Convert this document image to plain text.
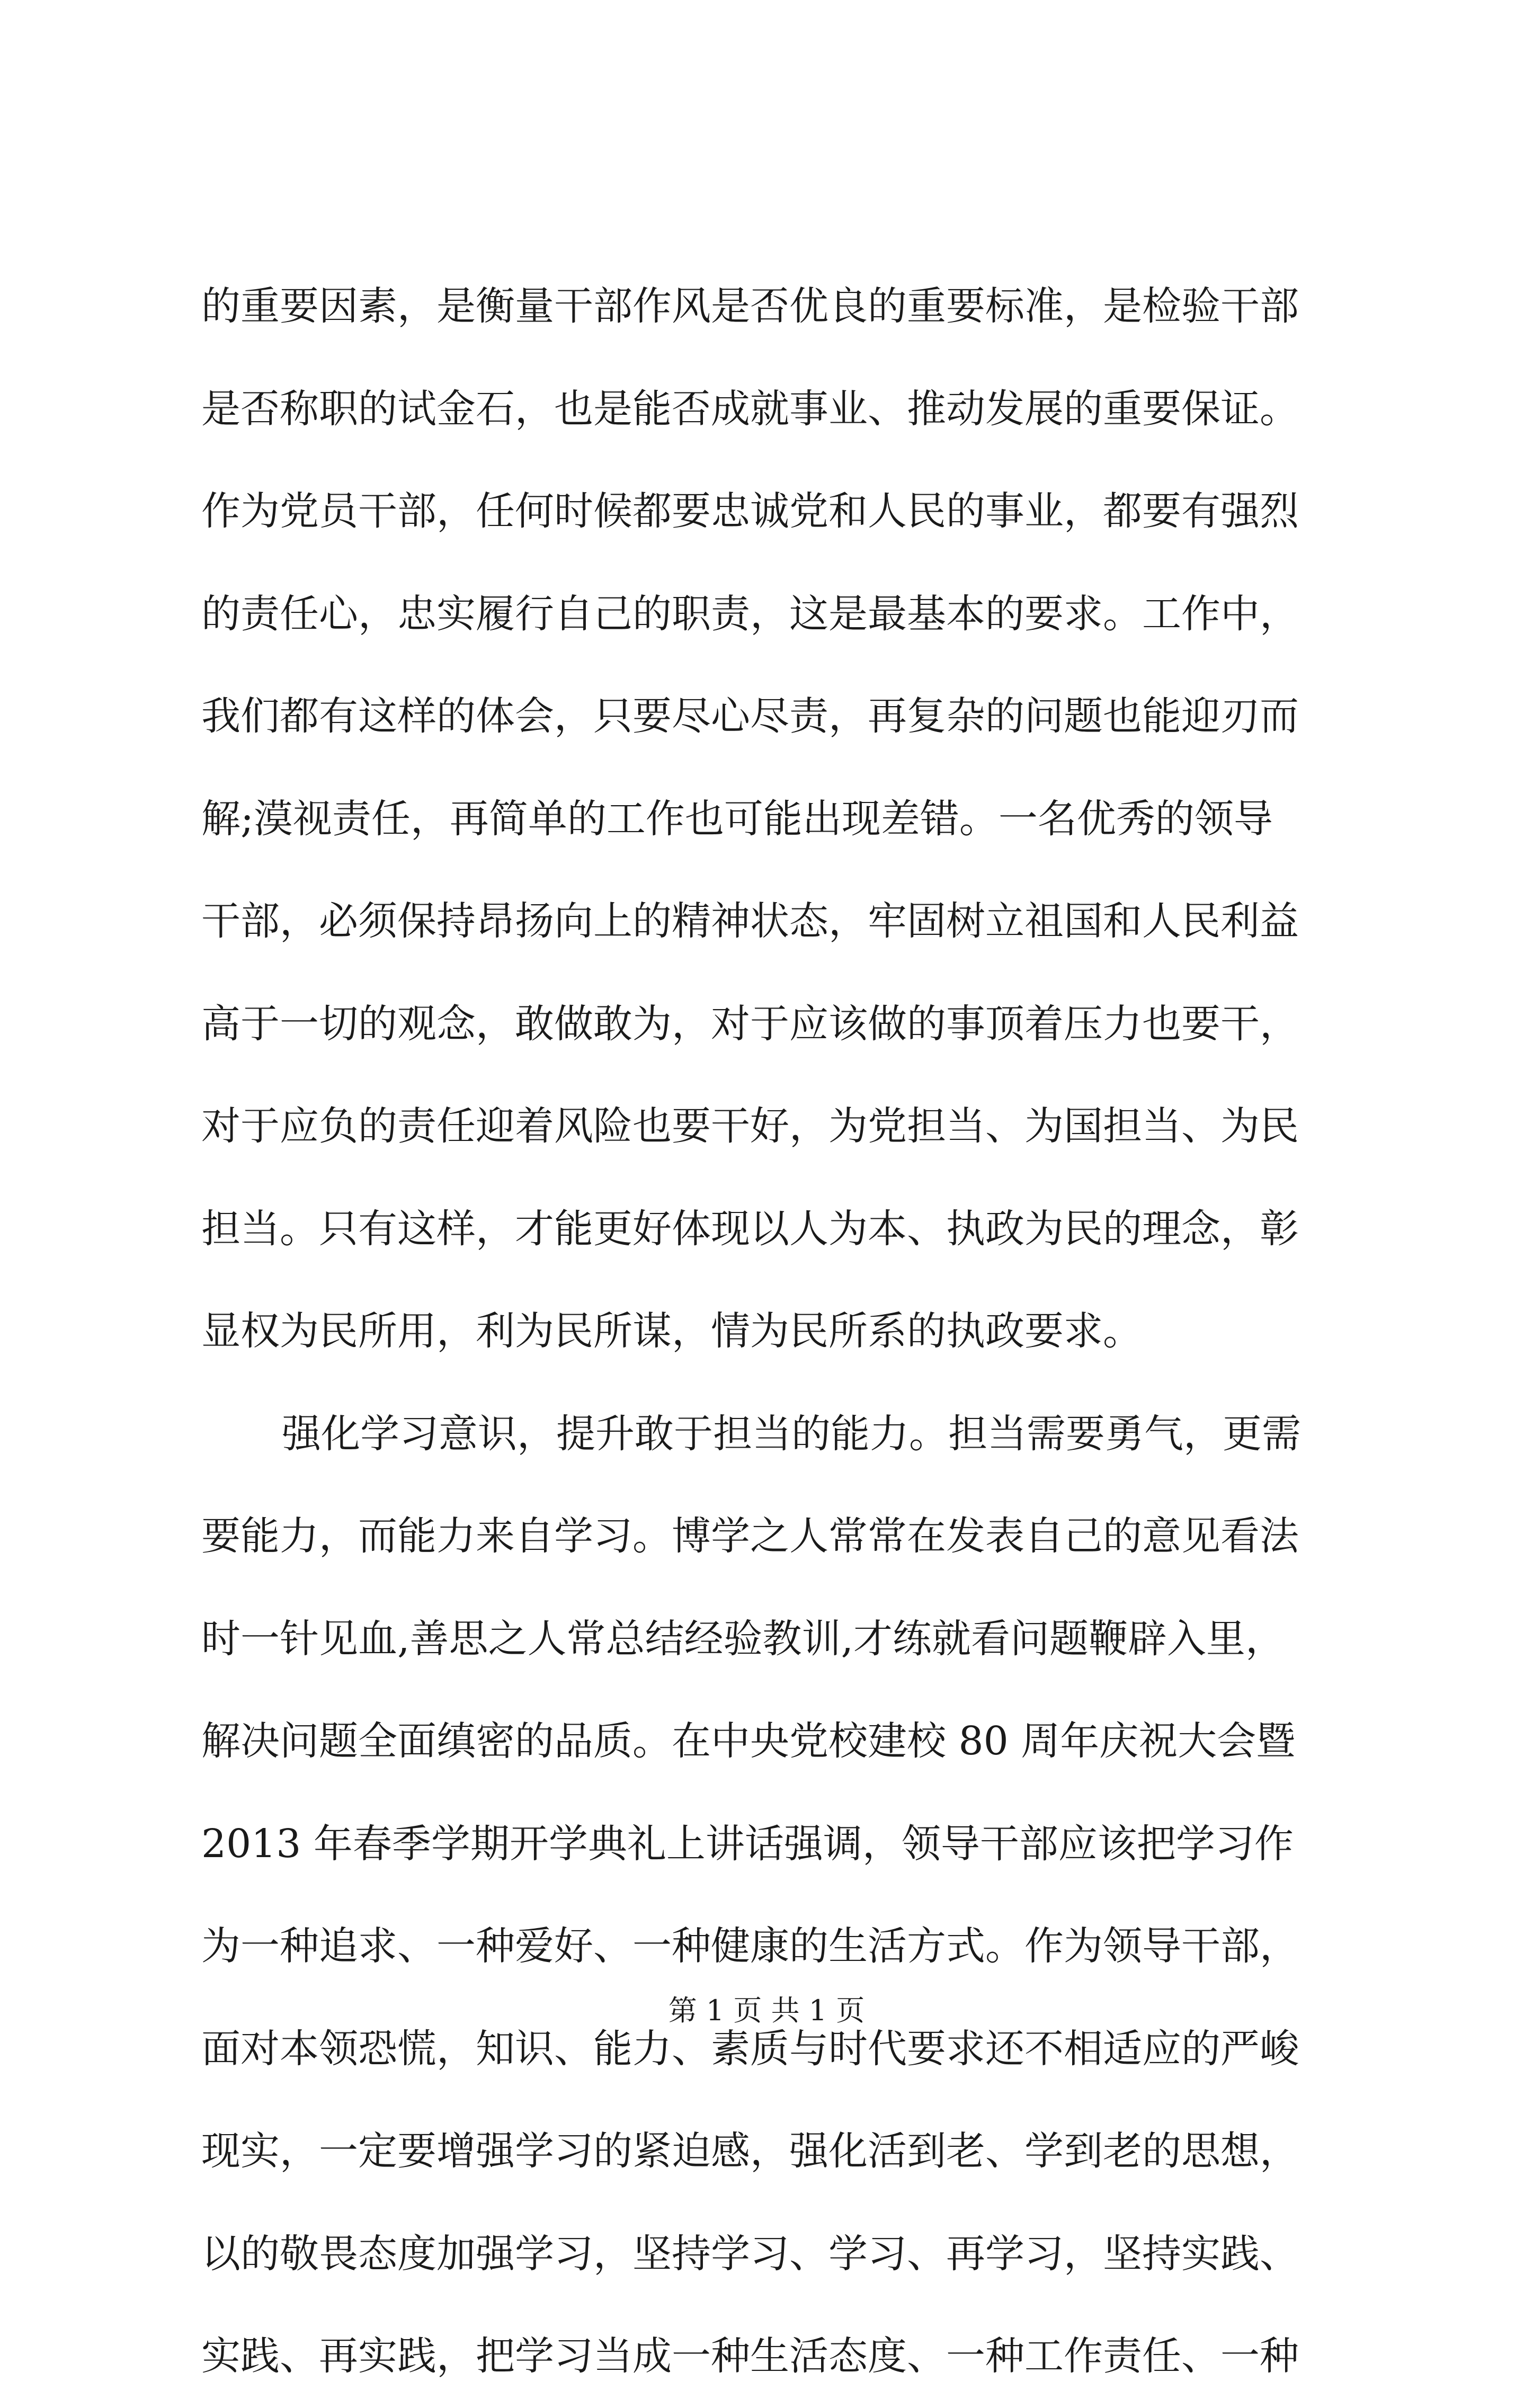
的重要因素，是衡量干部作风是否优良的重要标准，是检验干部
是否称职的试金石，也是能否成就事业、推动发展的重要保证。
作为党员干部，任何时候都要忠诚党和人民的事业，都要有强烈
的责任心，忠实履行自己的职责，这是最基本的要求。工作中，
我们都有这样的体会，只要尽心尽责，再复杂的问题也能迎刃而
解;漠视责任，再简单的工作也可能出现差错。一名优秀的领导
干部，必须保持昂扬向上的精神状态，牢固树立祖国和人民利益
高于一切的观念，敢做敢为，对于应该做的事顶着压力也要干，
对于应负的责任迎着风险也要干好，为党担当、为国担当、为民
担当。只有这样，才能更好体现以人为本、执政为民的理念，彰
显权为民所用，利为民所谋，情为民所系的执政要求。
强化学习意识，提升敢于担当的能力。担当需要勇气，更需
要能力，而能力来自学习。博学之人常常在发表自己的意见看法
时一针见血,善思之人常总结经验教训,才练就看问题鞭辟入里，
解决问题全面缜密的品质。在中央党校建校 80 周年庆祝大会暨
2013 年春季学期开学典礼上讲话强调，领导干部应该把学习作
为一种追求、一种爱好、一种健康的生活方式。作为领导干部，
面对本领恐慌，知识、能力、素质与时代要求还不相适应的严峻
现实，一定要增强学习的紧迫感，强化活到老、学到老的思想，
以的敬畏态度加强学习，坚持学习、学习、再学习，坚持实践、
实践、再实践，把学习当成一种生活态度、一种工作责任、一种
第 1 页 共 1 页
